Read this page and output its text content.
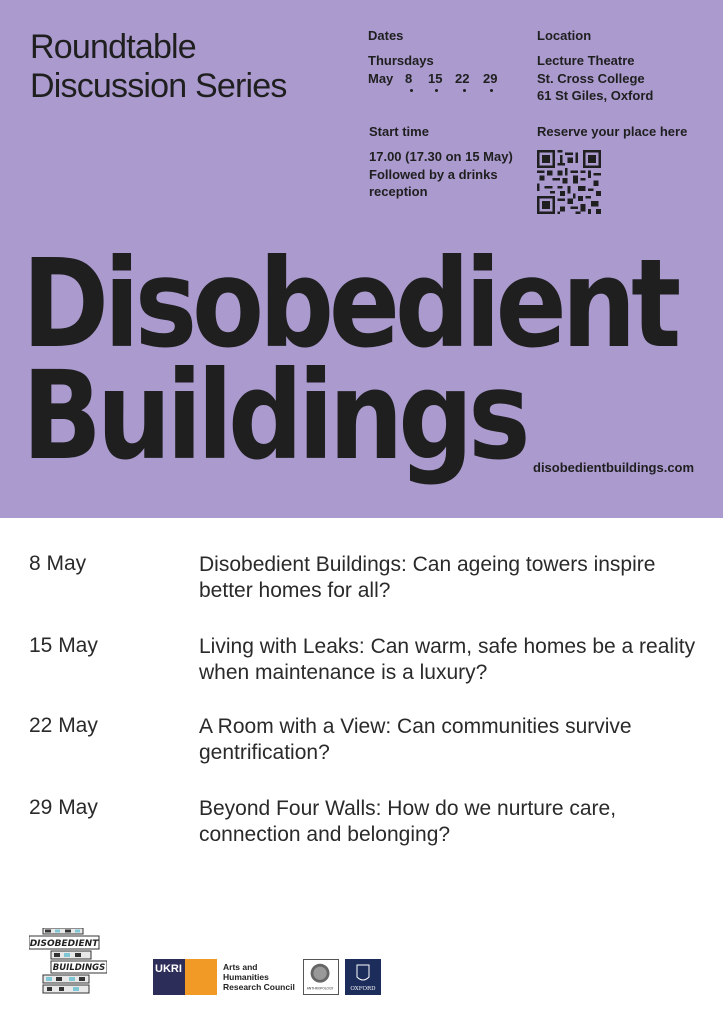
Roundtable
Discussion Series
Dates
Thursdays
May 8	15 22 29
Location
Lecture Theatre
St. Cross College
61 St Giles, Oxford
Start time
17.00 (17.30 on 15 May)
Followed by a drinks
reception
Reserve your place here
Disobedient
Buildings disobedientbuildings.com
8 May	Disobedient Buildings: Can ageing towers inspire better homes for all?
15 May	Living with Leaks: Can warm, safe homes be a reality when maintenance is a luxury?
22 May	A Room with a View: Can communities survive gentrification?
29 May	Beyond Four Walls: How do we nurture care, connection and belonging?
DISOBEDIENT
BUILDINGS	UKRI	Arts and
Humanities
Research Council	ANTHROPOLOGY	OXFORD
